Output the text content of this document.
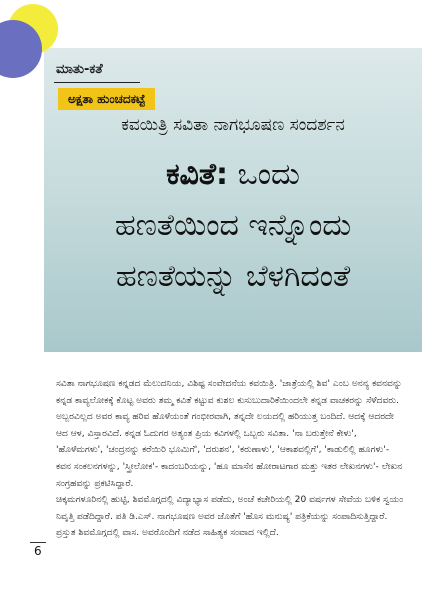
ಮಾತು-ಕತೆ
ಅಕ್ಷತಾ ಹುಂಚದಕಟ್ಟೆ
ಕವಯಿತ್ರಿ ಸವಿತಾ ನಾಗಭೂಷಣ ಸಂದರ್ಶನ
ಕವಿತೆ: ಒಂದು
ಹಣತೆಯಿಂದ ಇನ್ನೊಂದು
ಹಣತೆಯನ್ನು ಬೆಳಗಿದಂತೆ

ಸವಿತಾ ನಾಗಭೂಷಣ ಕನ್ನಡದ ಮೆಲುದನಿಯ, ವಿಶಿಷ್ಟ ಸಂವೇದನೆಯ ಕವಯಿತ್ರಿ. 'ಜಾತ್ರೆಯಲ್ಲಿ ಶಿವ' ಎಂಬ ಅನನ್ಯ ಕವನವನ್ನು ಕನ್ನಡ ಕಾವ್ಯಲೋಕಕ್ಕೆ ಕೊಟ್ಟ ಅವರು ತಮ್ಮ ಕವಿತೆ ಕಟ್ಟುವ ಕುಶಲ ಕುಸುಬುದಾರಿಕೆಯಿಂದಲೇ ಕನ್ನಡ ವಾಚಕರನ್ನು ಸೆಳೆದವರು. ಅಬ್ಬರವಿಲ್ಲದ ಅವರ ಕಾವ್ಯ ಹರಿವ ಹೊಳೆಯಂತೆ ಗಂಭೀರವಾಗಿ, ತನ್ನದೇ ಲಯದಲ್ಲಿ ಹರಿಯುತ್ತ ಬಂದಿದೆ. ಆದಕ್ಕೆ ಆದರದೇ ಆದ ಆಳ, ವಿಸ್ತಾರವಿದೆ. ಕನ್ನಡ ಓದುಗರ ಅತ್ಯಂತ ಪ್ರಿಯ ಕವಿಗಳಲ್ಲಿ ಒಬ್ಬರು ಸವಿತಾ. 'ನಾ ಬರುತ್ತೇನೆ ಕೇಳು', 'ಹೊಳೆಮಗಳು', 'ಚಂದ್ರನನ್ನು ಕರೆಯಿರಿ ಭೂಮಿಗೆ', 'ದರುಶನ', 'ಕರುಣಾಳು', 'ಆಕಾಶವಲ್ಲಿಗೆ', 'ಕಾಡುಲಿಲ್ಲಿ ಹೂಗಳು'- ಕವನ ಸಂಕಲನಗಳನ್ನು, 'ಸ್ತ್ರೀಲೋಕ'- ಕಾದಂಬರಿಯನ್ನು, 'ಹೂ ಮಾಸೆನ ಹೋರಾಟಗಾರ ಮತ್ತು ಇತರ ಲೇಖನಗಳು'- ಲೇಖನ ಸಂಗ್ರಹವನ್ನು ಪ್ರಕಟಿಸಿದ್ದಾರೆ.

ಚಿಕ್ಕಮಗಳೂರಿನಲ್ಲಿ ಹುಟ್ಟಿ, ಶಿವಮೊಗ್ಗದಲ್ಲಿ ವಿದ್ಯಾಭ್ಯಾಸ ಪಡೆದು, ಅಂಚೆ ಕಚೇರಿಯಲ್ಲಿ 20 ವರ್ಷಗಳ ಸೇವೆಯ ಬಳಿಕ ಸ್ವಯಂ ನಿವೃತ್ತಿ ಪಡೆದಿದ್ದಾರೆ. ಪತಿ ಡಿ.ಎಸ್. ನಾಗಭೂಷಣ ಅವರ ಜೊತೆಗೆ 'ಹೊಸ ಮನುಷ್ಯ' ಪತ್ರಿಕೆಯನ್ನು ಸಂಪಾದಿಸುತ್ತಿದ್ದಾರೆ. ಪ್ರಸ್ತುತ ಶಿವಮೊಗ್ಗದಲ್ಲಿ ವಾಸ. ಅವರೊಂದಿಗೆ ನಡೆದ ಸಾಹಿತ್ಯಕ ಸಂವಾದ ಇಲ್ಲಿದೆ.

6
